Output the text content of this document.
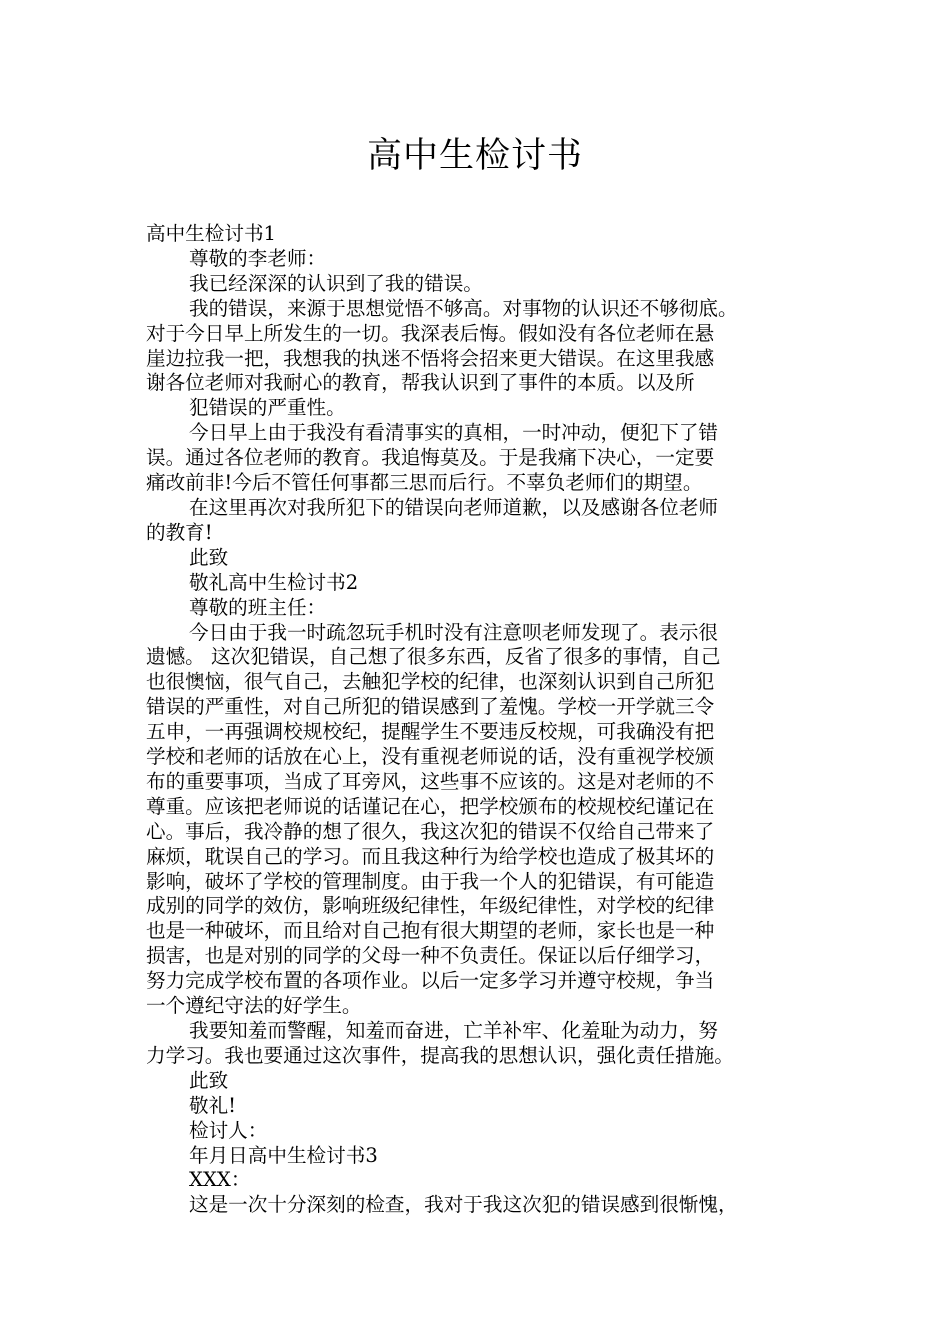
高中生检讨书

高中生检讨书1

尊敬的李老师：

我已经深深的认识到了我的错误。

我的错误，来源于思想觉悟不够高。对事物的认识还不够彻底。

对于今日早上所发生的一切。我深表后悔。假如没有各位老师在悬

崖边拉我一把，我想我的执迷不悟将会招来更大错误。在这里我感

谢各位老师对我耐心的教育，帮我认识到了事件的本质。以及所

犯错误的严重性。

今日早上由于我没有看清事实的真相，一时冲动，便犯下了错

误。通过各位老师的教育。我追悔莫及。于是我痛下决心，一定要

痛改前非!今后不管任何事都三思而后行。不辜负老师们的期望。

在这里再次对我所犯下的错误向老师道歉，以及感谢各位老师

的教育!

此致

敬礼高中生检讨书2

尊敬的班主任：

今日由于我一时疏忽玩手机时没有注意呗老师发现了。表示很

遗憾。 这次犯错误，自己想了很多东西，反省了很多的事情，自己

也很懊恼，很气自己，去触犯学校的纪律，也深刻认识到自己所犯

错误的严重性，对自己所犯的错误感到了羞愧。学校一开学就三令

五申，一再强调校规校纪，提醒学生不要违反校规，可我确没有把

学校和老师的话放在心上，没有重视老师说的话，没有重视学校颁

布的重要事项，当成了耳旁风，这些事不应该的。这是对老师的不

尊重。应该把老师说的话谨记在心，把学校颁布的校规校纪谨记在

心。事后，我冷静的想了很久，我这次犯的错误不仅给自己带来了

麻烦，耽误自己的学习。而且我这种行为给学校也造成了极其坏的

影响，破坏了学校的管理制度。由于我一个人的犯错误，有可能造

成别的同学的效仿，影响班级纪律性，年级纪律性，对学校的纪律

也是一种破坏，而且给对自己抱有很大期望的老师，家长也是一种

损害，也是对别的同学的父母一种不负责任。保证以后仔细学习，

努力完成学校布置的各项作业。以后一定多学习并遵守校规，争当

一个遵纪守法的好学生。

我要知羞而警醒，知羞而奋进，亡羊补牢、化羞耻为动力，努

力学习。我也要通过这次事件，提高我的思想认识，强化责任措施。

此致

敬礼!

检讨人：

年月日高中生检讨书3

XXX：

这是一次十分深刻的检查，我对于我这次犯的错误感到很惭愧，
